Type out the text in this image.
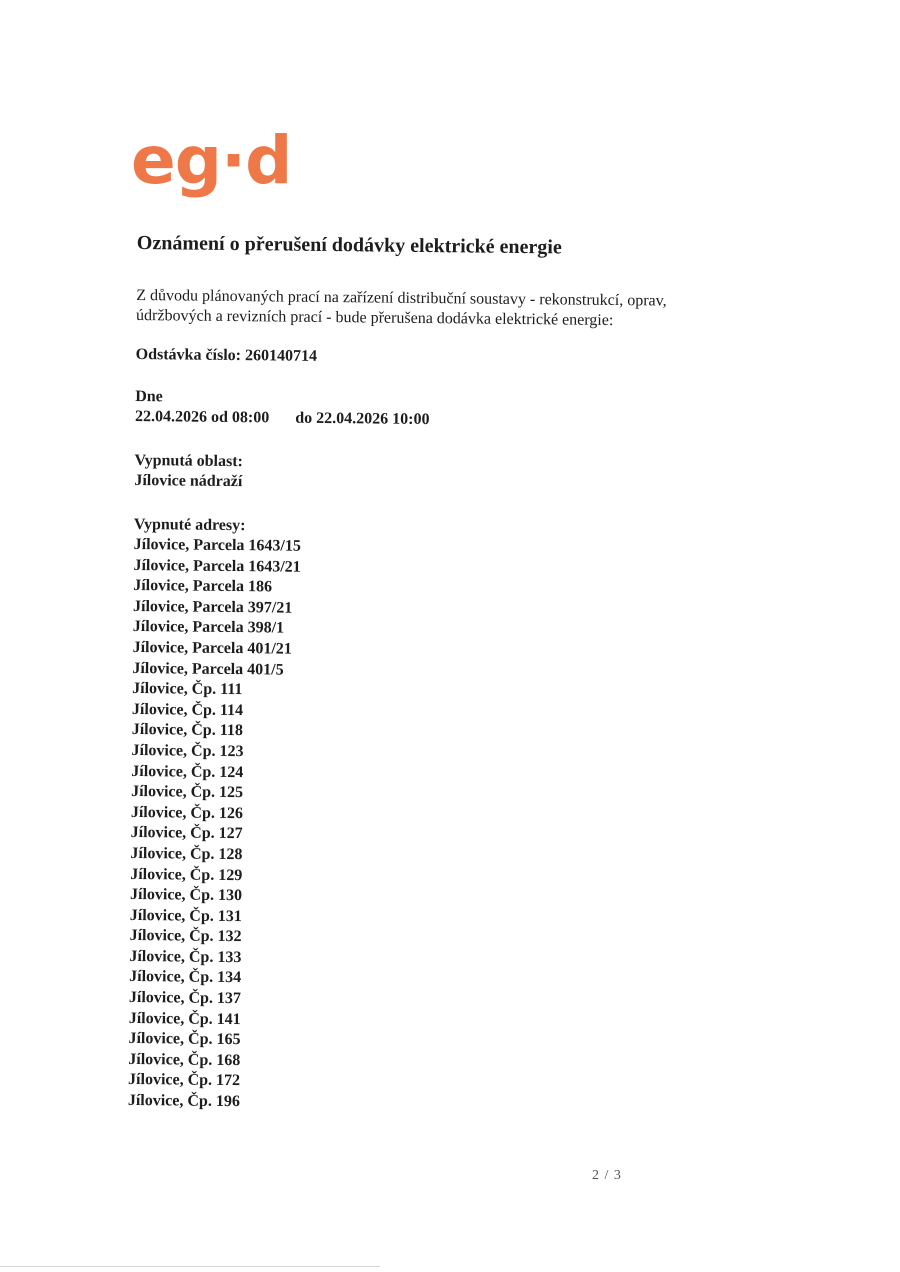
eg·d
Oznámení o přerušení dodávky elektrické energie
Z důvodu plánovaných prací na zařízení distribuční soustavy - rekonstrukcí, oprav, údržbových a revizních prací - bude přerušena dodávka elektrické energie:
Odstávka číslo: 260140714
Dne
22.04.2026 od 08:00 do 22.04.2026 10:00
Vypnutá oblast:
Jílovice nádraží
Vypnuté adresy:
Jílovice, Parcela 1643/15
Jílovice, Parcela 1643/21
Jílovice, Parcela 186
Jílovice, Parcela 397/21
Jílovice, Parcela 398/1
Jílovice, Parcela 401/21
Jílovice, Parcela 401/5
Jílovice, Čp. 111
Jílovice, Čp. 114
Jílovice, Čp. 118
Jílovice, Čp. 123
Jílovice, Čp. 124
Jílovice, Čp. 125
Jílovice, Čp. 126
Jílovice, Čp. 127
Jílovice, Čp. 128
Jílovice, Čp. 129
Jílovice, Čp. 130
Jílovice, Čp. 131
Jílovice, Čp. 132
Jílovice, Čp. 133
Jílovice, Čp. 134
Jílovice, Čp. 137
Jílovice, Čp. 141
Jílovice, Čp. 165
Jílovice, Čp. 168
Jílovice, Čp. 172
Jílovice, Čp. 196
2 / 3
